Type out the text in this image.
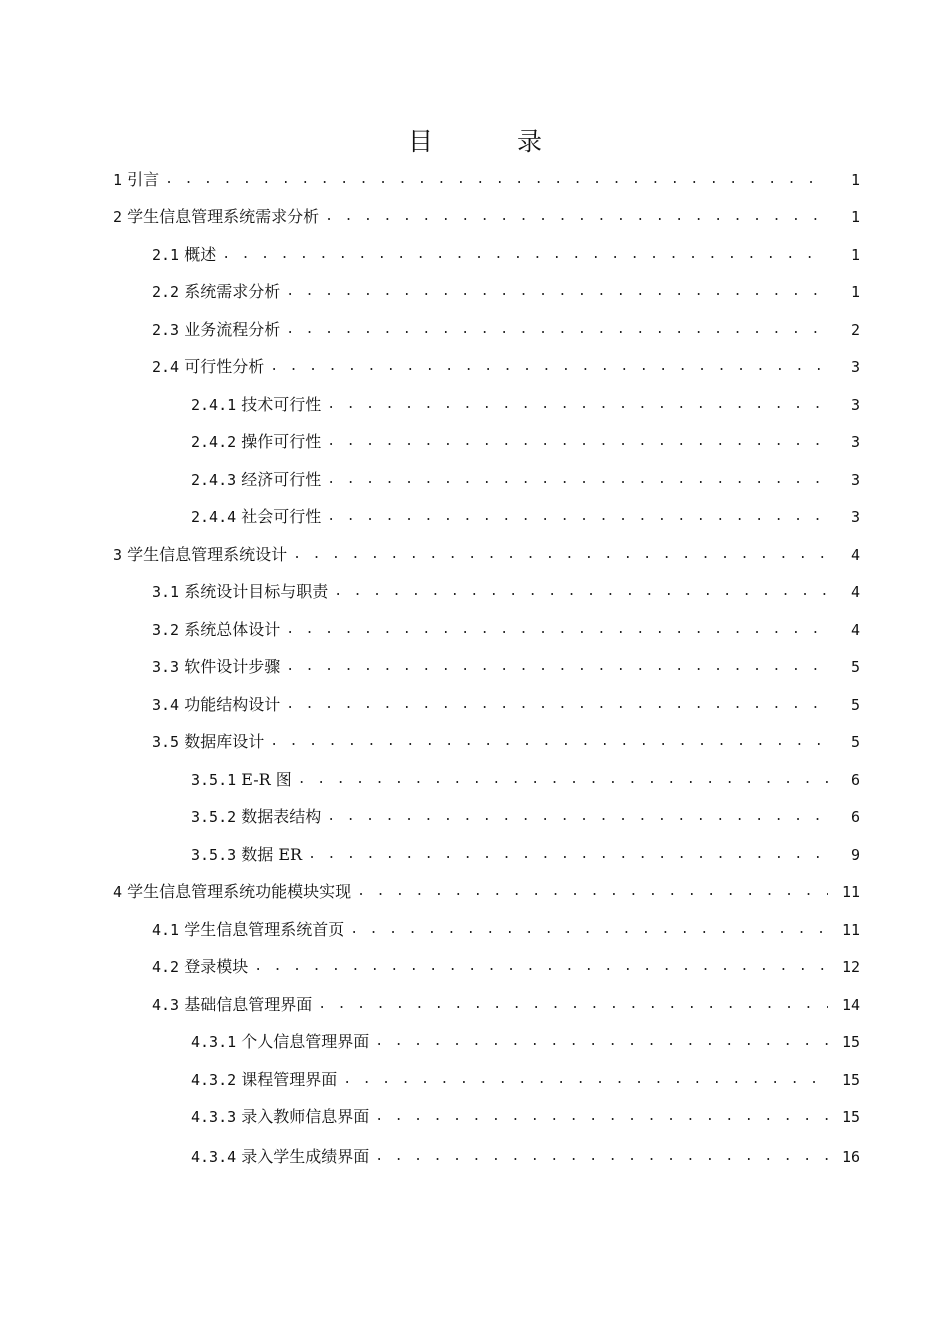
目 录
1 引言 . . .	1
2 学生信息管理系统需求分析 . . .	1
2.1 概述 . . .	1
2.2 系统需求分析 . . .	1
2.3 业务流程分析 . . .	2
2.4 可行性分析 . . .	3
2.4.1 技术可行性 . . .	3
2.4.2 操作可行性 . . .	3
2.4.3 经济可行性 . . .	3
2.4.4 社会可行性 . . .	3
3 学生信息管理系统设计 . . .	4
3.1 系统设计目标与职责 . . .	4
3.2 系统总体设计 . . .	4
3.3 软件设计步骤 . . .	5
3.4 功能结构设计 . . .	5
3.5 数据库设计 . . .	5
3.5.1 E-R 图 . . .	6
3.5.2 数据表结构 . . .	6
3.5.3 数据 ER . . .	9
4 学生信息管理系统功能模块实现 . . .	11
4.1 学生信息管理系统首页 . . .	11
4.2 登录模块 . . .	12
4.3 基础信息管理界面 . . .	14
4.3.1 个人信息管理界面 . . .	15
4.3.2 课程管理界面 . . .	15
4.3.3 录入教师信息界面 . . .	15
4.3.4 录入学生成绩界面 . . .	16
